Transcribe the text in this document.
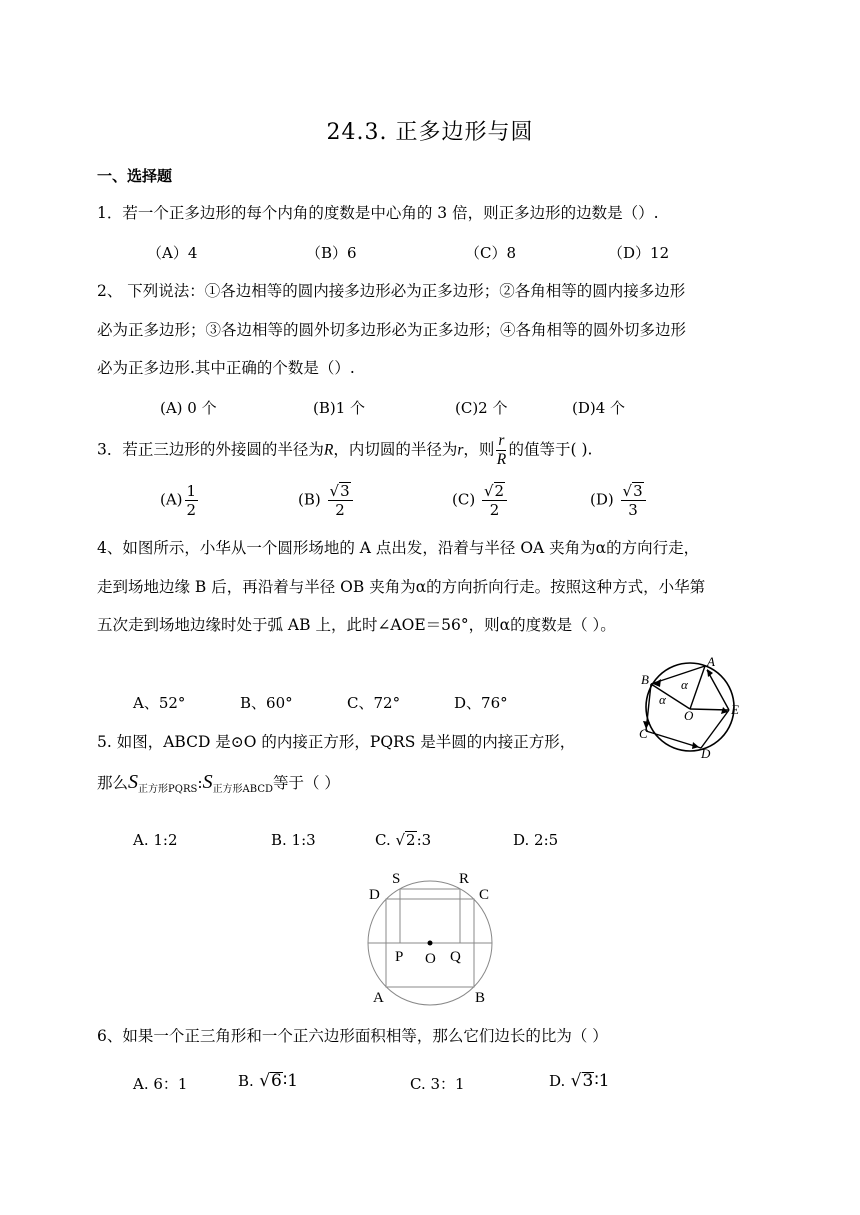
24.3. 正多边形与圆
一、选择题
1．若一个正多边形的每个内角的度数是中心角的 3 倍，则正多边形的边数是（）.
（A）4	（B）6	（C）8	（D）12
2、 下列说法：①各边相等的圆内接多边形必为正多边形；②各角相等的圆内接多边形
必为正多边形；③各边相等的圆外切多边形必为正多边形；④各角相等的圆外切多边形
必为正多边形.其中正确的个数是（）.
(A) 0 个	(B)1 个	(C)2 个	(D)4 个
3．若正三边形的外接圆的半径为R，内切圆的半径为r，则 $\frac{r}{R}$ 的值等于( ).
$(A) \frac{1}{2}$	$(B) \frac{√3}{2}$	$(C) \frac{√2}{2}$	$(D) \frac{√3}{3}$
4、如图所示，小华从一个圆形场地的 A 点出发，沿着与半径 OA 夹角为α的方向行走，
走到场地边缘 B 后，再沿着与半径 OB 夹角为α的方向折向行走。按照这种方式，小华第
五次走到场地边缘时处于弧 AB 上，此时∠AOE＝56°，则α的度数是（ ）。
A、52°	B、60°	C、72°	D、76°
A
B
C
D
E
O
α
α
5. 如图，ABCD 是⊙O 的内接正方形，PQRS 是半圆的内接正方形，
那么$S_{正方形PQRS}:S_{正方形ABCD}$等于（ ）
A. 1:2	B. 1:3	C. √2:3	D. 2:5
S	R
D	C
P O Q
A	B
6、如果一个正三角形和一个正六边形面积相等，那么它们边长的比为（ ）
A. 6：1	B. √6∶1	C. 3：1	D. √3∶1
